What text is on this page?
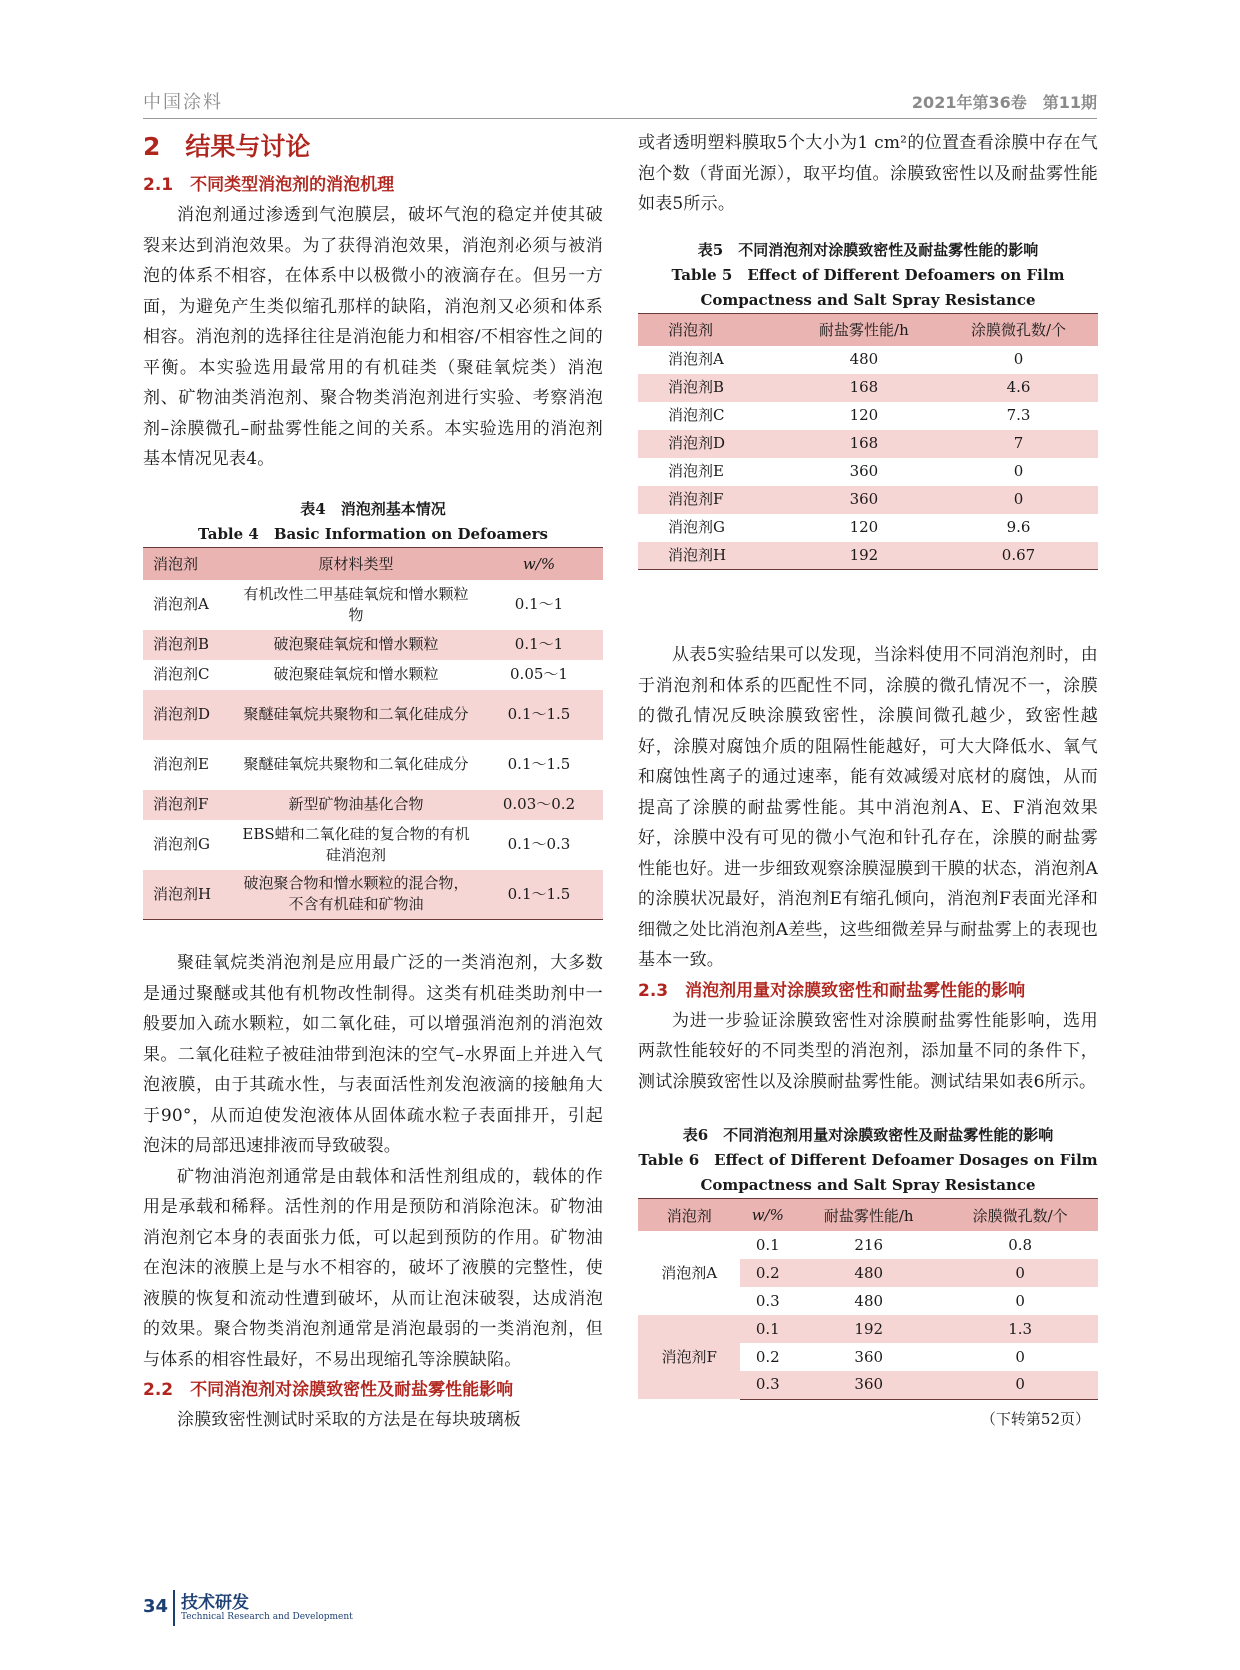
中国涂料	2021年第36卷　第11期
2　结果与讨论
2.1　不同类型消泡剂的消泡机理

消泡剂通过渗透到气泡膜层，破坏气泡的稳定并使其破裂来达到消泡效果。为了获得消泡效果，消泡剂必须与被消泡的体系不相容，在体系中以极微小的液滴存在。但另一方面，为避免产生类似缩孔那样的缺陷，消泡剂又必须和体系相容。消泡剂的选择往往是消泡能力和相容/不相容性之间的平衡。本实验选用最常用的有机硅类（聚硅氧烷类）消泡剂、矿物油类消泡剂、聚合物类消泡剂进行实验、考察消泡剂–涂膜微孔–耐盐雾性能之间的关系。本实验选用的消泡剂基本情况见表4。

表4　消泡剂基本情况

Table 4　Basic Information on Defoamers

消泡剂	原材料类型	w/%
消泡剂A	有机改性二甲基硅氧烷和憎水颗粒物	0.1～1
消泡剂B	破泡聚硅氧烷和憎水颗粒	0.1～1
消泡剂C	破泡聚硅氧烷和憎水颗粒	0.05～1
消泡剂D	聚醚硅氧烷共聚物和二氧化硅成分	0.1～1.5
消泡剂E	聚醚硅氧烷共聚物和二氧化硅成分	0.1～1.5
消泡剂F	新型矿物油基化合物	0.03～0.2
消泡剂G	EBS蜡和二氧化硅的复合物的有机硅消泡剂	0.1～0.3
消泡剂H	破泡聚合物和憎水颗粒的混合物，不含有机硅和矿物油	0.1～1.5

聚硅氧烷类消泡剂是应用最广泛的一类消泡剂，大多数是通过聚醚或其他有机物改性制得。这类有机硅类助剂中一般要加入疏水颗粒，如二氧化硅，可以增强消泡剂的消泡效果。二氧化硅粒子被硅油带到泡沫的空气–水界面上并进入气泡液膜，由于其疏水性，与表面活性剂发泡液滴的接触角大于90°，从而迫使发泡液体从固体疏水粒子表面排开，引起泡沫的局部迅速排液而导致破裂。

矿物油消泡剂通常是由载体和活性剂组成的，载体的作用是承载和稀释。活性剂的作用是预防和消除泡沫。矿物油消泡剂它本身的表面张力低，可以起到预防的作用。矿物油在泡沫的液膜上是与水不相容的，破坏了液膜的完整性，使液膜的恢复和流动性遭到破坏，从而让泡沫破裂，达成消泡的效果。聚合物类消泡剂通常是消泡最弱的一类消泡剂，但与体系的相容性最好，不易出现缩孔等涂膜缺陷。

2.2　不同消泡剂对涂膜致密性及耐盐雾性能影响

涂膜致密性测试时采取的方法是在每块玻璃板

或者透明塑料膜取5个大小为1 cm²的位置查看涂膜中存在气泡个数（背面光源），取平均值。涂膜致密性以及耐盐雾性能如表5所示。

表5　不同消泡剂对涂膜致密性及耐盐雾性能的影响

Table 5　Effect of Different Defoamers on Film

Compactness and Salt Spray Resistance

消泡剂	耐盐雾性能/h	涂膜微孔数/个
消泡剂A	480	0
消泡剂B	168	4.6
消泡剂C	120	7.3
消泡剂D	168	7
消泡剂E	360	0
消泡剂F	360	0
消泡剂G	120	9.6
消泡剂H	192	0.67

从表5实验结果可以发现，当涂料使用不同消泡剂时，由于消泡剂和体系的匹配性不同，涂膜的微孔情况不一，涂膜的微孔情况反映涂膜致密性，涂膜间微孔越少，致密性越好，涂膜对腐蚀介质的阻隔性能越好，可大大降低水、氧气和腐蚀性离子的通过速率，能有效减缓对底材的腐蚀，从而提高了涂膜的耐盐雾性能。其中消泡剂A、E、F消泡效果好，涂膜中没有可见的微小气泡和针孔存在，涂膜的耐盐雾性能也好。进一步细致观察涂膜湿膜到干膜的状态，消泡剂A的涂膜状况最好，消泡剂E有缩孔倾向，消泡剂F表面光泽和细微之处比消泡剂A差些，这些细微差异与耐盐雾上的表现也基本一致。

2.3　消泡剂用量对涂膜致密性和耐盐雾性能的影响

为进一步验证涂膜致密性对涂膜耐盐雾性能影响，选用两款性能较好的不同类型的消泡剂，添加量不同的条件下，测试涂膜致密性以及涂膜耐盐雾性能。测试结果如表6所示。

表6　不同消泡剂用量对涂膜致密性及耐盐雾性能的影响

Table 6　Effect of Different Defoamer Dosages on Film

Compactness and Salt Spray Resistance

消泡剂	w/%	耐盐雾性能/h	涂膜微孔数/个
消泡剂A	0.1	216	0.8
	0.2	480	0
	0.3	480	0
消泡剂F	0.1	192	1.3
	0.2	360	0
	0.3	360	0
（下转第52页）
34 技术研发
Technical Research and Development
